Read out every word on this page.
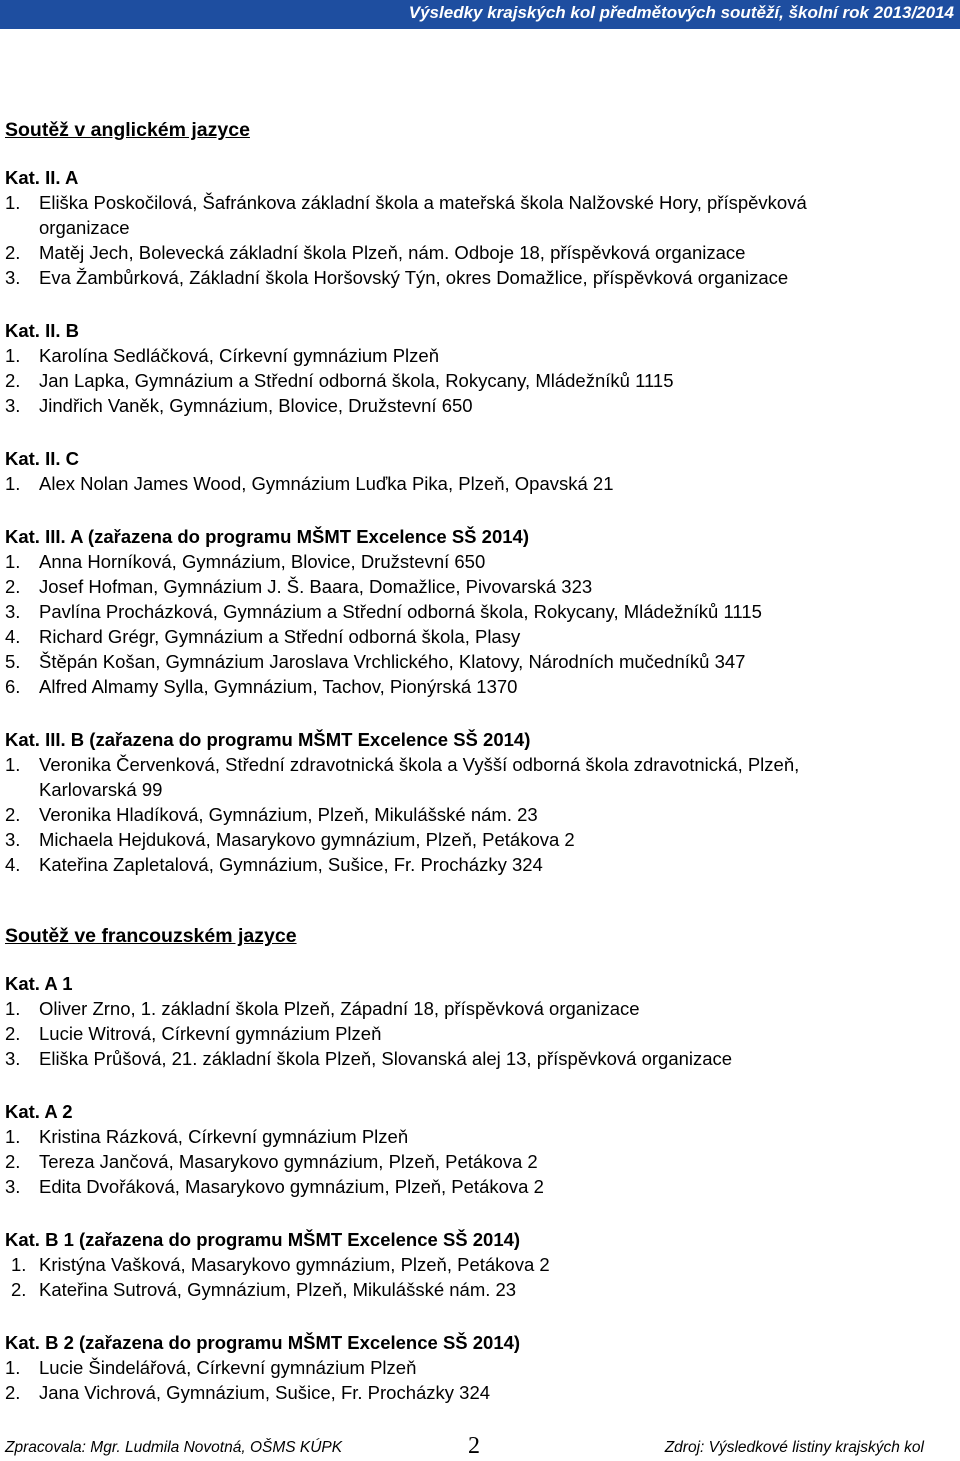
Výsledky krajských kol předmětových soutěží, školní rok 2013/2014
Soutěž v anglickém jazyce
Kat. II. A
1.	Eliška Poskočilová, Šafránkova základní škola a mateřská škola Nalžovské Hory, příspěvková
organizace
2.	Matěj Jech, Bolevecká základní škola Plzeň, nám. Odboje 18, příspěvková organizace
3.	Eva Žambůrková, Základní škola Horšovský Týn, okres Domažlice, příspěvková organizace
Kat. II. B
1.	Karolína Sedláčková, Církevní gymnázium Plzeň
2.	Jan Lapka, Gymnázium a Střední odborná škola, Rokycany, Mládežníků 1115
3.	Jindřich Vaněk, Gymnázium, Blovice, Družstevní 650
Kat. II. C
1.	Alex Nolan James Wood, Gymnázium Luďka Pika, Plzeň, Opavská 21
Kat. III. A (zařazena do programu MŠMT Excelence SŠ 2014)
1.	Anna Horníková, Gymnázium, Blovice, Družstevní 650
2.	Josef Hofman, Gymnázium J. Š. Baara, Domažlice, Pivovarská 323
3.	Pavlína Procházková, Gymnázium a Střední odborná škola, Rokycany, Mládežníků 1115
4.	Richard Grégr, Gymnázium a Střední odborná škola, Plasy
5.	Štěpán Košan, Gymnázium Jaroslava Vrchlického, Klatovy, Národních mučedníků 347
6.	Alfred Almamy Sylla, Gymnázium, Tachov, Pionýrská 1370
Kat. III. B (zařazena do programu MŠMT Excelence SŠ 2014)
1.	Veronika Červenková, Střední zdravotnická škola a Vyšší odborná škola zdravotnická, Plzeň,
Karlovarská 99
2.	Veronika Hladíková, Gymnázium, Plzeň, Mikulášské nám. 23
3.	Michaela Hejduková, Masarykovo gymnázium, Plzeň, Petákova 2
4.	Kateřina Zapletalová, Gymnázium, Sušice, Fr. Procházky 324
Soutěž ve francouzském jazyce
Kat. A 1
1.	Oliver Zrno, 1. základní škola Plzeň, Západní 18, příspěvková organizace
2.	Lucie Witrová, Církevní gymnázium Plzeň
3.	Eliška Průšová, 21. základní škola Plzeň, Slovanská alej 13, příspěvková organizace
Kat. A 2
1.	Kristina Rázková, Církevní gymnázium Plzeň
2.	Tereza Jančová, Masarykovo gymnázium, Plzeň, Petákova 2
3.	Edita Dvořáková, Masarykovo gymnázium, Plzeň, Petákova 2
Kat. B 1 (zařazena do programu MŠMT Excelence SŠ 2014)
1. Kristýna Vašková, Masarykovo gymnázium, Plzeň, Petákova 2
2. Kateřina Sutrová, Gymnázium, Plzeň, Mikulášské nám. 23
Kat. B 2 (zařazena do programu MŠMT Excelence SŠ 2014)
1.	Lucie Šindelářová, Církevní gymnázium Plzeň
2.	Jana Vichrová, Gymnázium, Sušice, Fr. Procházky 324
Zpracovala: Mgr. Ludmila Novotná, OŠMS KÚPK	2	Zdroj: Výsledkové listiny krajských kol
